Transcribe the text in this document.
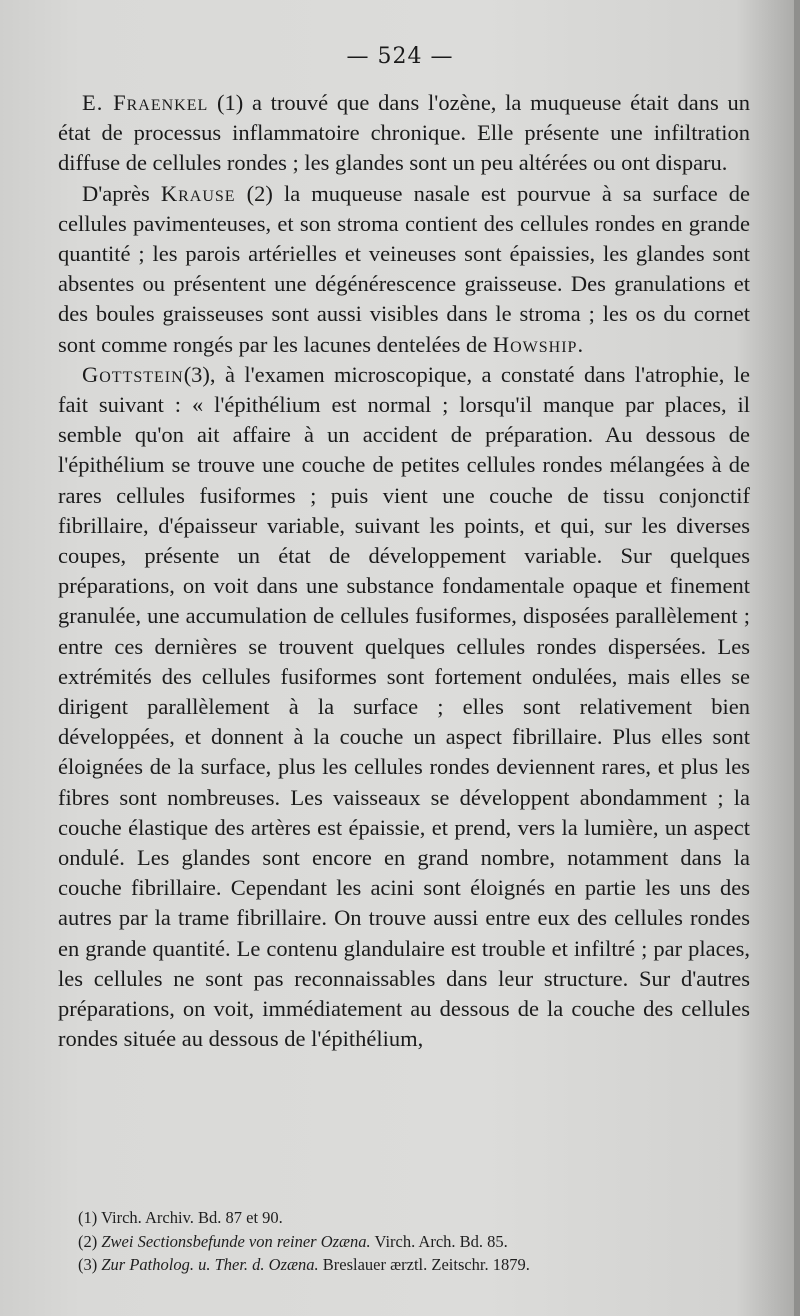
— 524 —

E. Fraenkel (1) a trouvé que dans l'ozène, la muqueuse était dans un état de processus inflammatoire chronique. Elle présente une infiltration diffuse de cellules rondes ; les glandes sont un peu altérées ou ont disparu.

D'après Krause (2) la muqueuse nasale est pourvue à sa surface de cellules pavimenteuses, et son stroma contient des cellules rondes en grande quantité ; les parois artérielles et veineuses sont épaissies, les glandes sont absentes ou présentent une dégénérescence graisseuse. Des granulations et des boules graisseuses sont aussi visibles dans le stroma ; les os du cornet sont comme rongés par les lacunes dentelées de Howship.

Gottstein(3), à l'examen microscopique, a constaté dans l'atrophie, le fait suivant : « l'épithélium est normal ; lorsqu'il manque par places, il semble qu'on ait affaire à un accident de préparation. Au dessous de l'épithélium se trouve une couche de petites cellules rondes mélangées à de rares cellules fusiformes ; puis vient une couche de tissu conjonctif fibrillaire, d'épaisseur variable, suivant les points, et qui, sur les diverses coupes, présente un état de développement variable. Sur quelques préparations, on voit dans une substance fondamentale opaque et finement granulée, une accumulation de cellules fusiformes, disposées parallèlement ; entre ces dernières se trouvent quelques cellules rondes dispersées. Les extrémités des cellules fusiformes sont fortement ondulées, mais elles se dirigent parallèlement à la surface ; elles sont relativement bien développées, et donnent à la couche un aspect fibrillaire. Plus elles sont éloignées de la surface, plus les cellules rondes deviennent rares, et plus les fibres sont nombreuses. Les vaisseaux se développent abondamment ; la couche élastique des artères est épaissie, et prend, vers la lumière, un aspect ondulé. Les glandes sont encore en grand nombre, notamment dans la couche fibrillaire. Cependant les acini sont éloignés en partie les uns des autres par la trame fibrillaire. On trouve aussi entre eux des cellules rondes en grande quantité. Le contenu glandulaire est trouble et infiltré ; par places, les cellules ne sont pas reconnaissables dans leur structure. Sur d'autres préparations, on voit, immédiatement au dessous de la couche des cellules rondes située au dessous de l'épithélium,

(1) Virch. Archiv. Bd. 87 et 90.

(2) Zwei Sectionsbefunde von reiner Ozæna. Virch. Arch. Bd. 85.

(3) Zur Patholog. u. Ther. d. Ozæna. Breslauer ærztl. Zeitschr. 1879.
